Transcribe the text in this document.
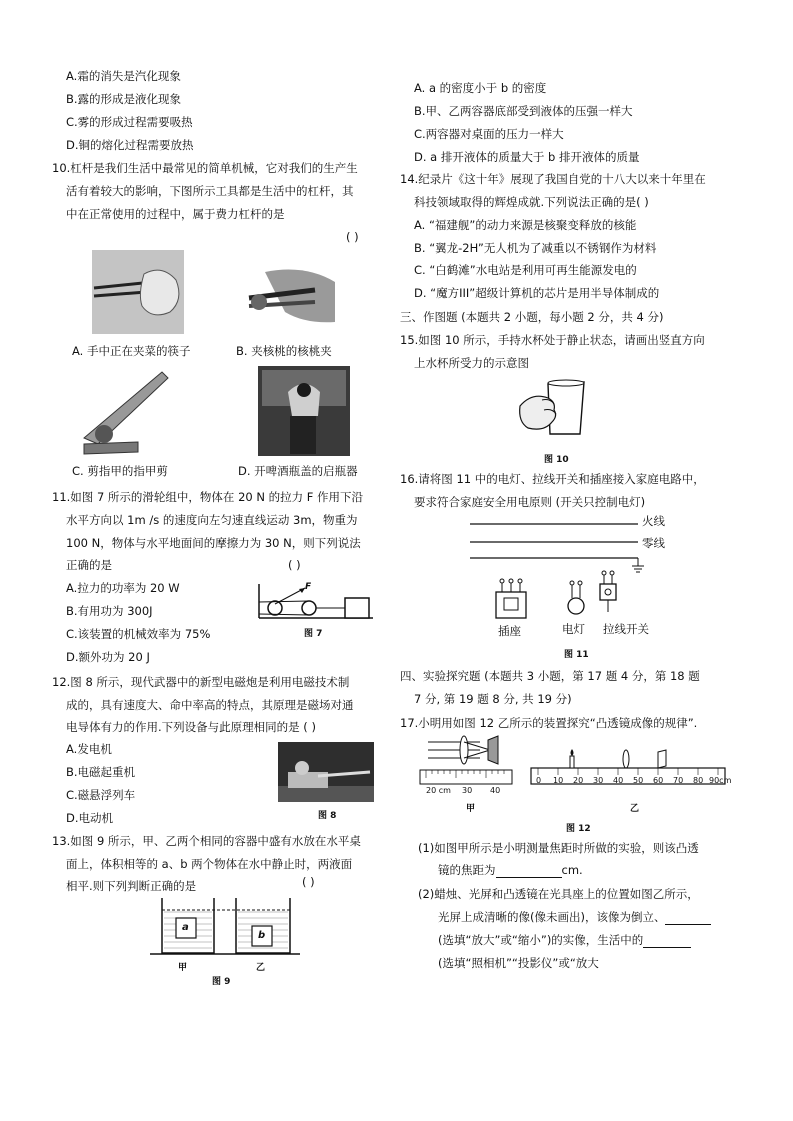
A.霜的消失是汽化现象
B.露的形成是液化现象
C.雾的形成过程需要吸热
D.铜的熔化过程需要放热
10.杠杆是我们生活中最常见的简单机械，它对我们的生产生
活有着较大的影响，下图所示工具都是生活中的杠杆，其
中在正常使用的过程中，属于费力杠杆的是
( )
A. 手中正在夹菜的筷子	B. 夹核桃的核桃夹
C. 剪指甲的指甲剪	D. 开啤酒瓶盖的启瓶器
11.如图 7 所示的滑轮组中，物体在 20 N 的拉力 F 作用下沿
水平方向以 1m /s 的速度向左匀速直线运动 3m，物重为
100 N，物体与水平地面间的摩擦力为 30 N，则下列说法
正确的是	( )
A.拉力的功率为 20 W
B.有用功为 300J
C.该装置的机械效率为 75%
D.额外功为 20 J
F
图 7
12.图 8 所示，现代武器中的新型电磁炮是利用电磁技术制
成的，具有速度大、命中率高的特点，其原理是磁场对通
电导体有力的作用.下列设备与此原理相同的是 ( )
A.发电机
B.电磁起重机
C.磁悬浮列车
D.电动机	图 8
13.如图 9 所示，甲、乙两个相同的容器中盛有水放在水平桌
面上，体积相等的 a、b 两个物体在水中静止时，两液面
相平.则下列判断正确的是	( )
a
b
甲	乙
图 9
A. a 的密度小于 b 的密度
B.甲、乙两容器底部受到液体的压强一样大
C.两容器对桌面的压力一样大
D. a 排开液体的质量大于 b 排开液体的质量
14.纪录片《这十年》展现了我国自党的十八大以来十年里在
科技领域取得的辉煌成就.下列说法正确的是( )
A. “福建舰”的动力来源是核聚变释放的核能
B. “翼龙-2H”无人机为了减重以不锈钢作为材料
C. “白鹤滩”水电站是利用可再生能源发电的
D. “魔方III”超级计算机的芯片是用半导体制成的
三、作图题 (本题共 2 小题，每小题 2 分，共 4 分)
15.如图 10 所示，手持水杯处于静止状态，请画出竖直方向
上水杯所受力的示意图
图 10
16.请将图 11 中的电灯、拉线开关和插座接入家庭电路中，
要求符合家庭安全用电原则 (开关只控制电灯)
火线
零线
插座	电灯 拉线开关
图 11
四、实验探究题 (本题共 3 小题，第 17 题 4 分，第 18 题
7 分, 第 19 题 8 分, 共 19 分)
17.小明用如图 12 乙所示的装置探究“凸透镜成像的规律”.
20 cm 30 40
甲
0 10 20 30 40 50 60 70 80 90cm
乙
图 12
(1)如图甲所示是小明测量焦距时所做的实验，则该凸透
镜的焦距为	cm.
(2)蜡烛、光屏和凸透镜在光具座上的位置如图乙所示，
光屏上成清晰的像(像未画出)，该像为倒立、
(选填“放大”或“缩小”)的实像，生活中的
(选填“照相机”“投影仪”或“放大
